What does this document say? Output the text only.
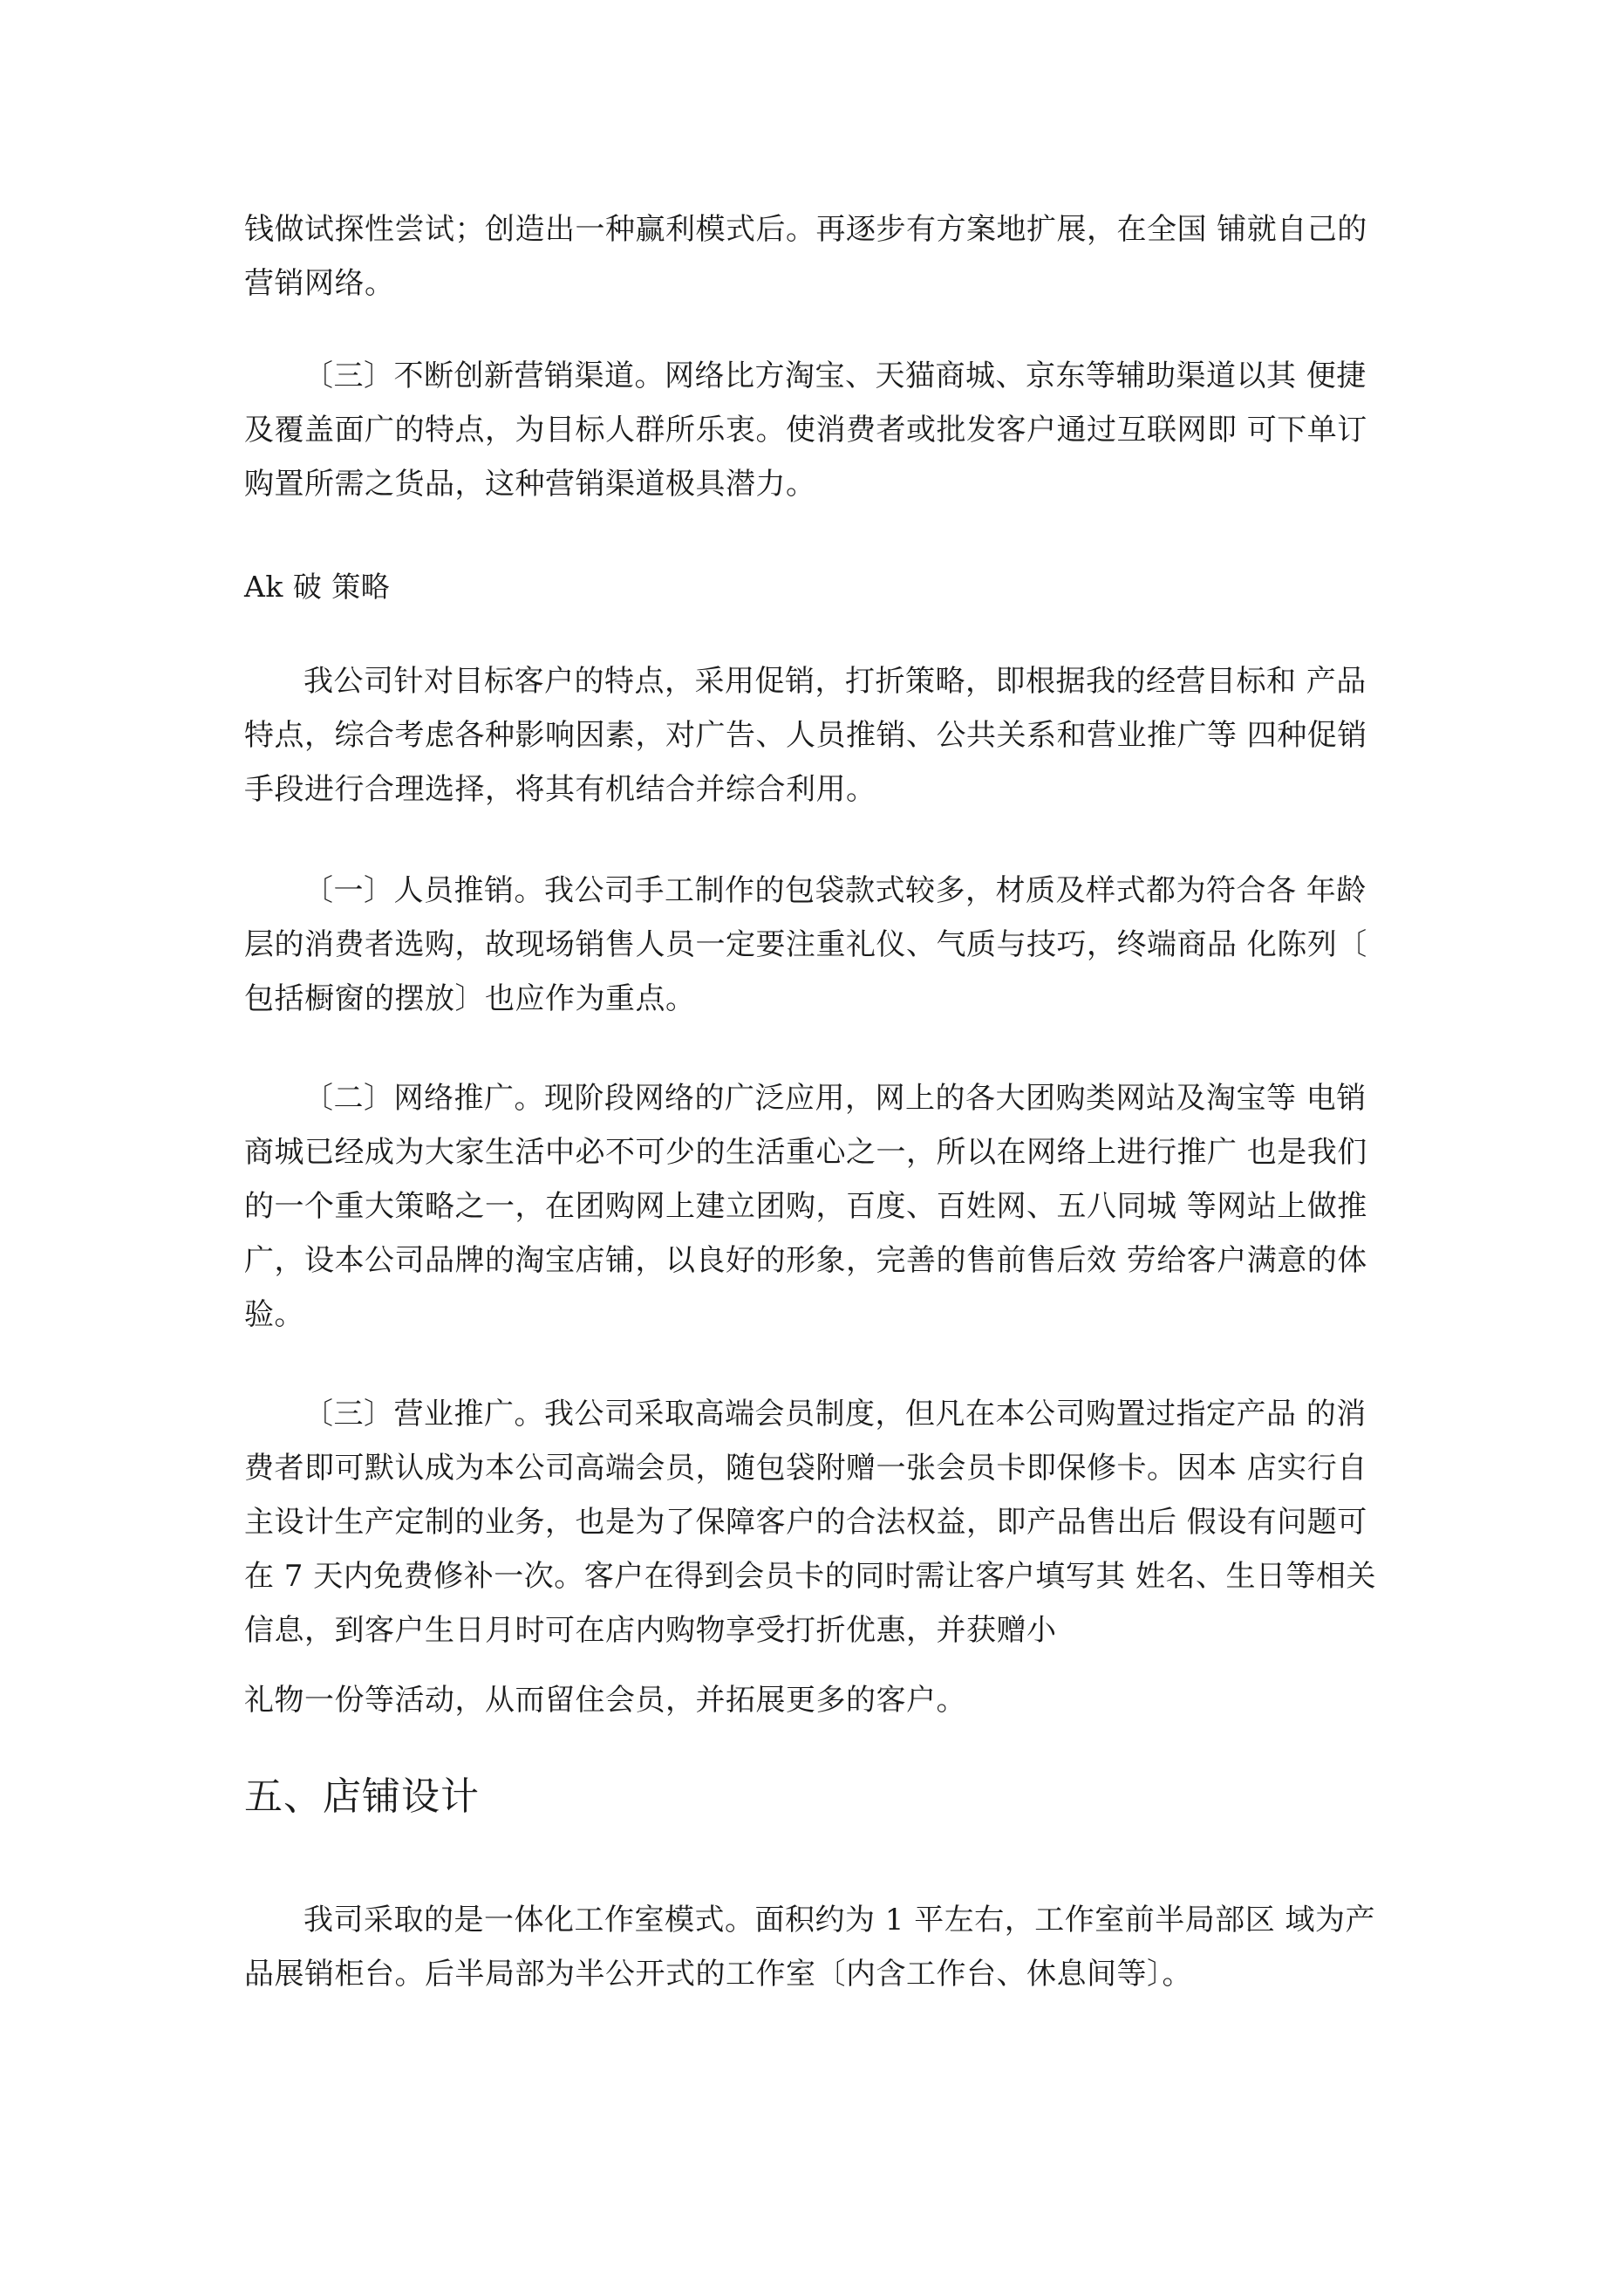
钱做试探性尝试；创造出一种赢利模式后。再逐步有方案地扩展，在全国 铺就自己的
营销网络。
〔三〕不断创新营销渠道。网络比方淘宝、天猫商城、京东等辅助渠道以其 便捷
及覆盖面广的特点，为目标人群所乐衷。使消费者或批发客户通过互联网即 可下单订
购置所需之货品，这种营销渠道极具潜力。
Ak 破 策略
我公司针对目标客户的特点，采用促销，打折策略，即根据我的经营目标和 产品
特点，综合考虑各种影响因素，对广告、人员推销、公共关系和营业推广等 四种促销
手段进行合理选择，将其有机结合并综合利用。
〔一〕人员推销。我公司手工制作的包袋款式较多，材质及样式都为符合各 年龄
层的消费者选购，故现场销售人员一定要注重礼仪、气质与技巧，终端商品 化陈列〔
包括橱窗的摆放〕也应作为重点。
〔二〕网络推广。现阶段网络的广泛应用，网上的各大团购类网站及淘宝等 电销
商城已经成为大家生活中必不可少的生活重心之一，所以在网络上进行推广 也是我们
的一个重大策略之一，在团购网上建立团购，百度、百姓网、五八同城 等网站上做推
广，设本公司品牌的淘宝店铺，以良好的形象，完善的售前售后效 劳给客户满意的体
验。
〔三〕营业推广。我公司采取高端会员制度，但凡在本公司购置过指定产品 的消
费者即可默认成为本公司高端会员，随包袋附赠一张会员卡即保修卡。因本 店实行自
主设计生产定制的业务，也是为了保障客户的合法权益，即产品售出后 假设有问题可
在 7 天内免费修补一次。客户在得到会员卡的同时需让客户填写其 姓名、生日等相关
信息，到客户生日月时可在店内购物享受打折优惠，并获赠小
礼物一份等活动，从而留住会员，并拓展更多的客户。
五、店铺设计
我司采取的是一体化工作室模式。面积约为 1 平左右，工作室前半局部区 域为产
品展销柜台。后半局部为半公开式的工作室〔内含工作台、休息间等〕。
